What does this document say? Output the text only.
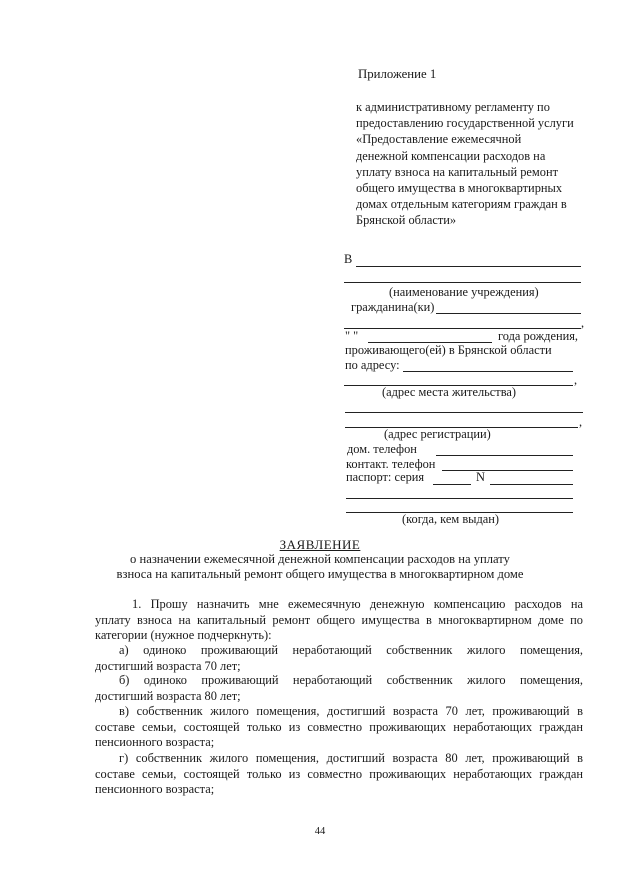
Приложение 1
к административному регламенту по
предоставлению государственной услуги
«Предоставление ежемесячной
денежной компенсации расходов на
уплату взноса на капитальный ремонт
общего имущества в многоквартирных
домах отдельным категориям граждан в
Брянской области»
В
(наименование учреждения)
гражданина(ки)
,
" "	года рождения,
проживающего(ей) в Брянской области
по адресу:
,
(адрес места жительства)
,
(адрес регистрации)
дом. телефон
контакт. телефон
паспорт: серия	N
(когда, кем выдан)
ЗАЯВЛЕНИЕ
о назначении ежемесячной денежной компенсации расходов на уплату
взноса на капитальный ремонт общего имущества в многоквартирном доме
1. Прошу назначить мне ежемесячную денежную компенсацию расходов на
уплату взноса на капитальный ремонт общего имущества в многоквартирном доме по
категории (нужное подчеркнуть):
а) одиноко проживающий неработающий собственник жилого помещения,
достигший возраста 70 лет;
б) одиноко проживающий неработающий собственник жилого помещения,
достигший возраста 80 лет;
в) собственник жилого помещения, достигший возраста 70 лет, проживающий в
составе семьи, состоящей только из совместно проживающих неработающих граждан
пенсионного возраста;
г) собственник жилого помещения, достигший возраста 80 лет, проживающий в
составе семьи, состоящей только из совместно проживающих неработающих граждан
пенсионного возраста;
44
